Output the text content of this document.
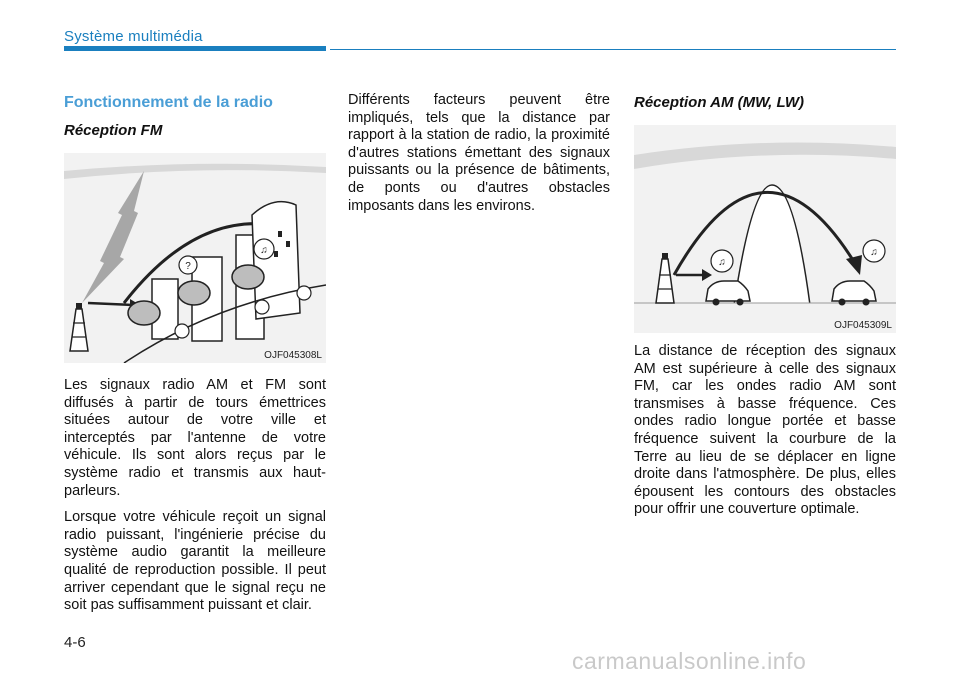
Système multimédia
Fonctionnement de la radio
Réception FM
?
♫
OJF045308L

Les signaux radio AM et FM sont diffusés à partir de tours émettrices situées autour de votre ville et interceptés par l'antenne de votre véhicule. Ils sont alors reçus par le système radio et transmis aux haut-parleurs.

Lorsque votre véhicule reçoit un signal radio puissant, l'ingénierie précise du système audio garantit la meilleure qualité de reproduction possible. Il peut arriver cependant que le signal reçu ne soit pas suffisamment puissant et clair.

Différents facteurs peuvent être impliqués, tels que la distance par rapport à la station de radio, la proximité d'autres stations émettant des signaux puissants ou la présence de bâtiments, de ponts ou d'autres obstacles imposants dans les environs.

Réception AM (MW, LW)
♫
♫
OJF045309L

La distance de réception des signaux AM est supérieure à celle des signaux FM, car les ondes radio AM sont transmises à basse fréquence. Ces ondes radio longue portée et basse fréquence suivent la courbure de la Terre au lieu de se déplacer en ligne droite dans l'atmosphère. De plus, elles épousent les contours des obstacles pour offrir une couverture optimale.

4-6
carmanualsonline.info
